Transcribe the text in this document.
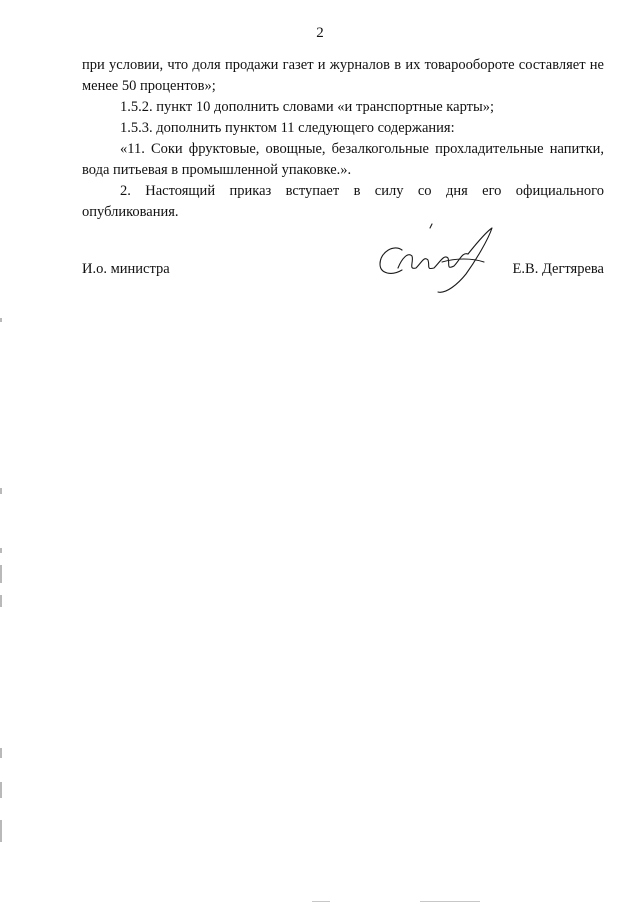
2

при условии, что доля продажи газет и журналов в их товарообороте составляет не менее 50 процентов»;

1.5.2. пункт 10 дополнить словами «и транспортные карты»;

1.5.3. дополнить пунктом 11 следующего содержания:

«11. Соки фруктовые, овощные, безалкогольные прохладительные напитки, вода питьевая в промышленной упаковке.».

2. Настоящий приказ вступает в силу со дня его официального опубликования.

И.о. министра	Е.В. Дегтярева
